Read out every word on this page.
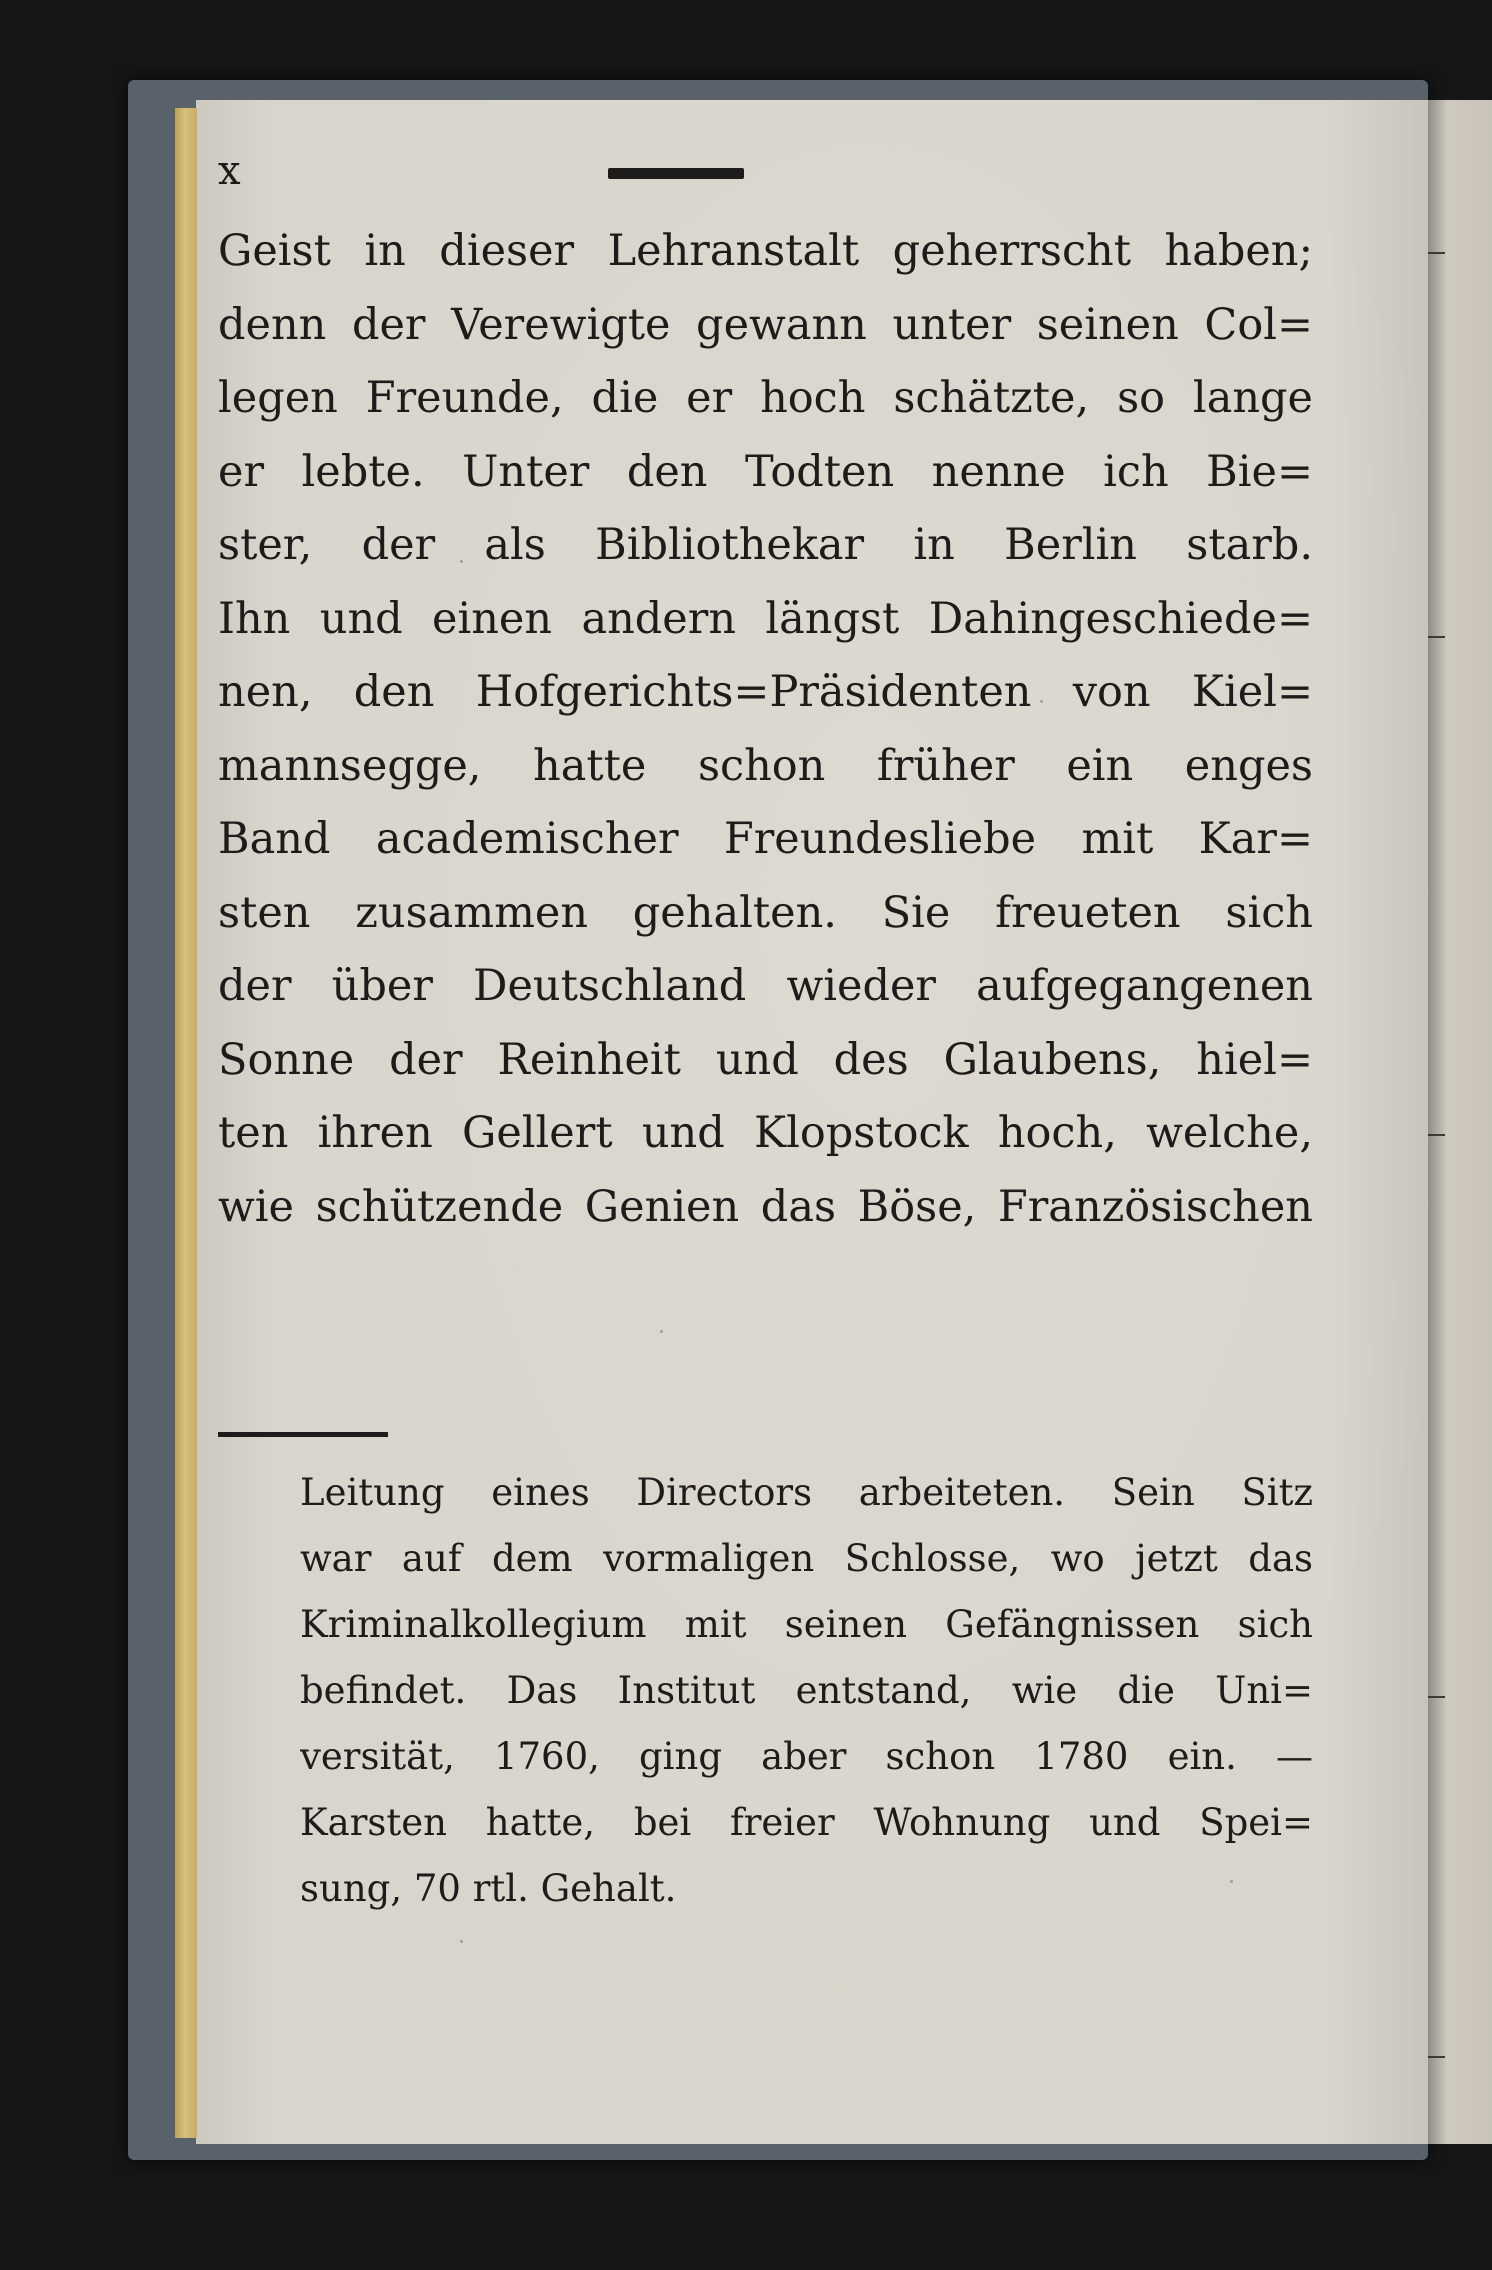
x
Geist in dieser Lehranstalt geherrscht haben;
denn der Verewigte gewann unter seinen Col=
legen Freunde, die er hoch schätzte, so lange
er lebte. Unter den Todten nenne ich Bie=
ster, der als Bibliothekar in Berlin starb.
Ihn und einen andern längst Dahingeschiede=
nen, den Hofgerichts=Präsidenten von Kiel=
mannsegge, hatte schon früher ein enges
Band academischer Freundesliebe mit Kar=
sten zusammen gehalten. Sie freueten sich
der über Deutschland wieder aufgegangenen
Sonne der Reinheit und des Glaubens, hiel=
ten ihren Gellert und Klopstock hoch, welche,
wie schützende Genien das Böse, Französischen
Leitung eines Directors arbeiteten. Sein Sitz
war auf dem vormaligen Schlosse, wo jetzt das
Kriminalkollegium mit seinen Gefängnissen sich
befindet. Das Institut entstand, wie die Uni=
versität, 1760, ging aber schon 1780 ein. —
Karsten hatte, bei freier Wohnung und Spei=
sung, 70 rtl. Gehalt.
